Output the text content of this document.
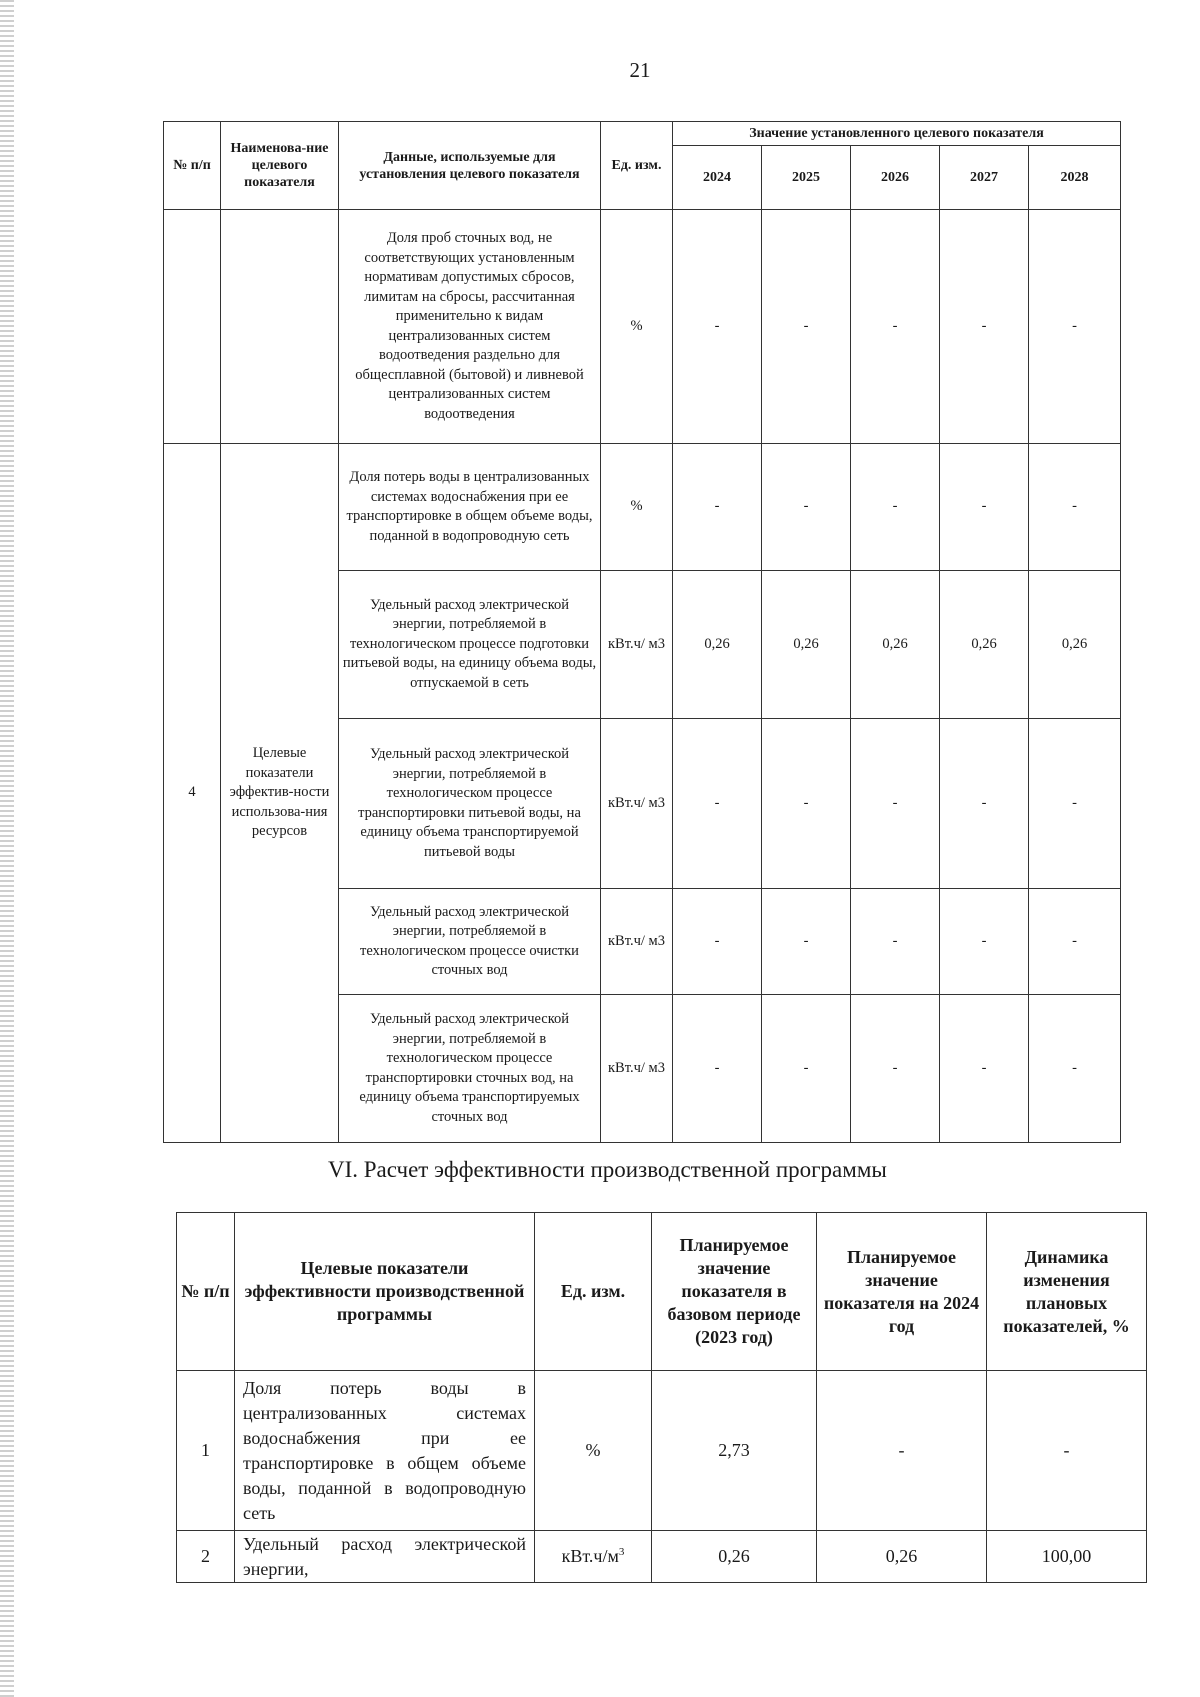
21
№ п/п	Наименова-ние целевого показателя	Данные, используемые для установления целевого показателя	Ед. изм.	Значение установленного целевого показателя				
				2024	2025	2026	2027	2028
		Доля проб сточных вод, не соответствующих установленным нормативам допустимых сбросов, лимитам на сбросы, рассчитанная применительно к видам централизованных систем водоотведения раздельно для общесплавной (бытовой) и ливневой централизованных систем водоотведения	%	-	-	-	-	-
4	Целевые показатели эффектив-ности использова-ния ресурсов	Доля потерь воды в централизованных системах водоснабжения при ее транспортировке в общем объеме воды, поданной в водопроводную сеть	%	-	-	-	-	-
		Удельный расход электрической энергии, потребляемой в технологическом процессе подготовки питьевой воды, на единицу объема воды, отпускаемой в сеть	кВт.ч/ м3	0,26	0,26	0,26	0,26	0,26
		Удельный расход электрической энергии, потребляемой в технологическом процессе транспортировки питьевой воды, на единицу объема транспортируемой питьевой воды	кВт.ч/ м3	-	-	-	-	-
		Удельный расход электрической энергии, потребляемой в технологическом процессе очистки сточных вод	кВт.ч/ м3	-	-	-	-	-
		Удельный расход электрической энергии, потребляемой в технологическом процессе транспортировки сточных вод, на единицу объема транспортируемых сточных вод	кВт.ч/ м3	-	-	-	-	-
VI. Расчет эффективности производственной программы
№ п/п	Целевые показатели эффективности производственной программы	Ед. изм.	Планируемое значение показателя в базовом периоде (2023 год)	Планируемое значение показателя на 2024 год	Динамика изменения плановых показателей, %
1	Доля потерь воды в централизованных системах водоснабжения при ее транспортировке в общем объеме воды, поданной в водопроводную сеть	%	2,73	-	-
2	Удельный расход электрической энергии,	$кВт.ч/м^3$	0,26	0,26	100,00
